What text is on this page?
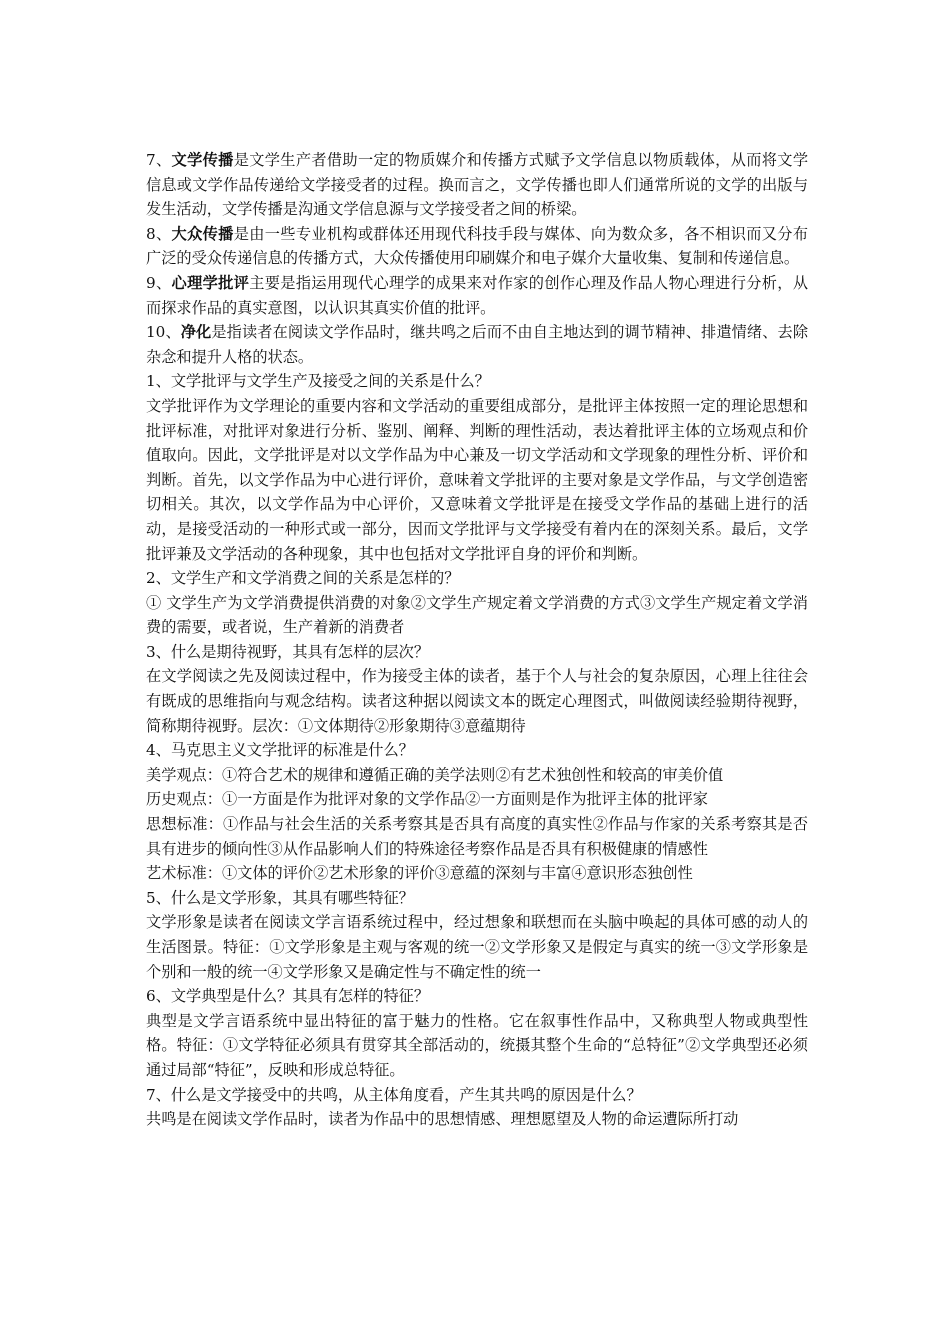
7、文学传播是文学生产者借助一定的物质媒介和传播方式赋予文学信息以物质载体，从而将文学信息或文学作品传递给文学接受者的过程。换而言之，文学传播也即人们通常所说的文学的出版与发生活动，文学传播是沟通文学信息源与文学接受者之间的桥梁。

8、大众传播是由一些专业机构或群体还用现代科技手段与媒体、向为数众多，各不相识而又分布广泛的受众传递信息的传播方式，大众传播使用印刷媒介和电子媒介大量收集、复制和传递信息。

9、心理学批评主要是指运用现代心理学的成果来对作家的创作心理及作品人物心理进行分析，从而探求作品的真实意图，以认识其真实价值的批评。

10、净化是指读者在阅读文学作品时，继共鸣之后而不由自主地达到的调节精神、排遣情绪、去除杂念和提升人格的状态。

1、文学批评与文学生产及接受之间的关系是什么？

文学批评作为文学理论的重要内容和文学活动的重要组成部分，是批评主体按照一定的理论思想和批评标准，对批评对象进行分析、鉴别、阐释、判断的理性活动，表达着批评主体的立场观点和价值取向。因此，文学批评是对以文学作品为中心兼及一切文学活动和文学现象的理性分析、评价和判断。首先，以文学作品为中心进行评价，意味着文学批评的主要对象是文学作品，与文学创造密切相关。其次，以文学作品为中心评价，又意味着文学批评是在接受文学作品的基础上进行的活动，是接受活动的一种形式或一部分，因而文学批评与文学接受有着内在的深刻关系。最后，文学批评兼及文学活动的各种现象，其中也包括对文学批评自身的评价和判断。

2、文学生产和文学消费之间的关系是怎样的？

① 文学生产为文学消费提供消费的对象②文学生产规定着文学消费的方式③文学生产规定着文学消费的需要，或者说，生产着新的消费者

3、什么是期待视野，其具有怎样的层次？

在文学阅读之先及阅读过程中，作为接受主体的读者，基于个人与社会的复杂原因，心理上往往会有既成的思维指向与观念结构。读者这种据以阅读文本的既定心理图式，叫做阅读经验期待视野，简称期待视野。层次：①文体期待②形象期待③意蕴期待

4、马克思主义文学批评的标准是什么？

美学观点：①符合艺术的规律和遵循正确的美学法则②有艺术独创性和较高的审美价值

历史观点：①一方面是作为批评对象的文学作品②一方面则是作为批评主体的批评家

思想标准：①作品与社会生活的关系考察其是否具有高度的真实性②作品与作家的关系考察其是否具有进步的倾向性③从作品影响人们的特殊途径考察作品是否具有积极健康的情感性

艺术标准：①文体的评价②艺术形象的评价③意蕴的深刻与丰富④意识形态独创性

5、什么是文学形象，其具有哪些特征？

文学形象是读者在阅读文学言语系统过程中，经过想象和联想而在头脑中唤起的具体可感的动人的生活图景。特征：①文学形象是主观与客观的统一②文学形象又是假定与真实的统一③文学形象是个别和一般的统一④文学形象又是确定性与不确定性的统一

6、文学典型是什么？其具有怎样的特征？

典型是文学言语系统中显出特征的富于魅力的性格。它在叙事性作品中，又称典型人物或典型性格。特征：①文学特征必须具有贯穿其全部活动的，统摄其整个生命的“总特征”②文学典型还必须通过局部“特征”，反映和形成总特征。

7、什么是文学接受中的共鸣，从主体角度看，产生其共鸣的原因是什么？

共鸣是在阅读文学作品时，读者为作品中的思想情感、理想愿望及人物的命运遭际所打动
